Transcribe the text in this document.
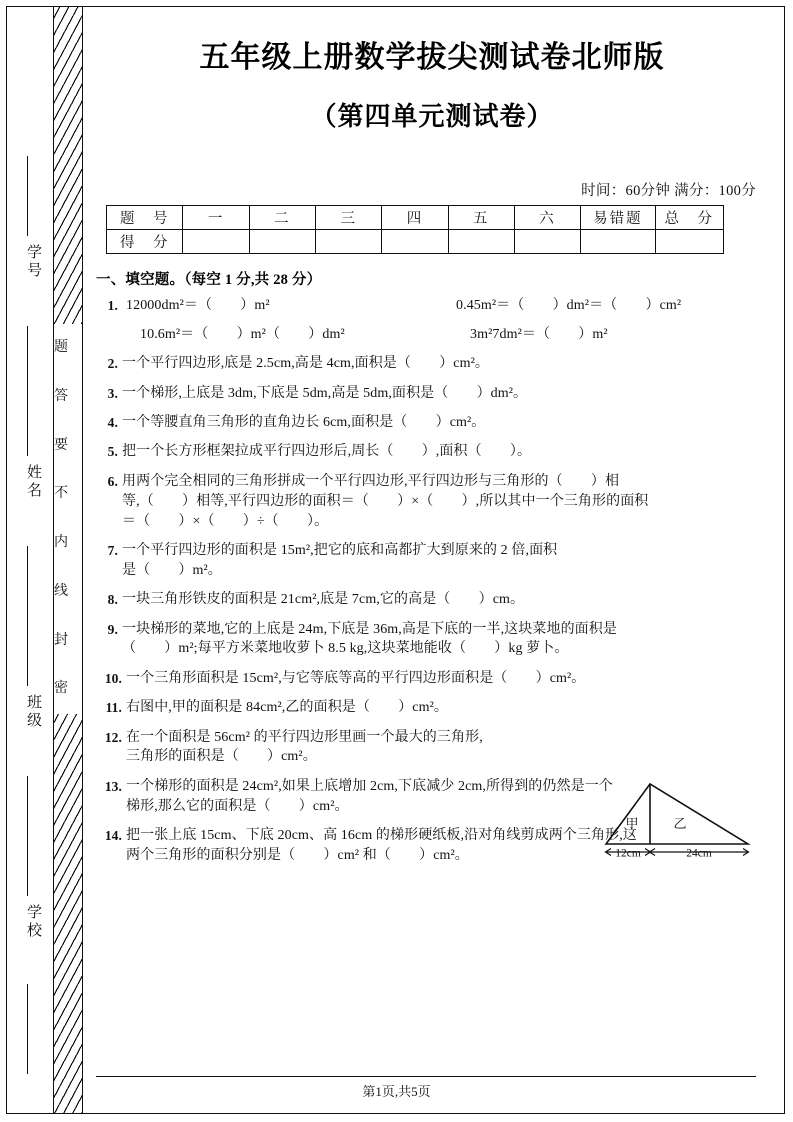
学号
姓名
班级
学校
题
答
要
不
内
线
封
密
五年级上册数学拔尖测试卷北师版
（第四单元测试卷）
时间：60分钟 满分：100分
题　号	一	二	三	四	五	六	易错题	总　分
得　分								
一、填空题。（每空 1 分,共 28 分）
1. 12000dm²＝（　　）m²	0.45m²＝（　　）dm²＝（　　）cm²
10.6m²＝（　　）m²（　　）dm²	3m²7dm²＝（　　）m²
2. 一个平行四边形,底是 2.5cm,高是 4cm,面积是（　　）cm²。
3. 一个梯形,上底是 3dm,下底是 5dm,高是 5dm,面积是（　　）dm²。
4. 一个等腰直角三角形的直角边长 6cm,面积是（　　）cm²。
5. 把一个长方形框架拉成平行四边形后,周长（　　）,面积（　　）。
6. 用两个完全相同的三角形拼成一个平行四边形,平行四边形与三角形的（　　）相
等,（　　）相等,平行四边形的面积＝（　　）×（　　）,所以其中一个三角形的面积
＝（　　）×（　　）÷（　　）。
7. 一个平行四边形的面积是 15m²,把它的底和高都扩大到原来的 2 倍,面积
是（　　）m²。
8. 一块三角形铁皮的面积是 21cm²,底是 7cm,它的高是（　　）cm。
9. 一块梯形的菜地,它的上底是 24m,下底是 36m,高是下底的一半,这块菜地的面积是
（　　）m²;每平方米菜地收萝卜 8.5 kg,这块菜地能收（　　）kg 萝卜。
10. 一个三角形面积是 15cm²,与它等底等高的平行四边形面积是（　　）cm²。
11. 右图中,甲的面积是 84cm²,乙的面积是（　　）cm²。
12. 在一个面积是 56cm² 的平行四边形里画一个最大的三角形,
三角形的面积是（　　）cm²。
13. 一个梯形的面积是 24cm²,如果上底增加 2cm,下底减少 2cm,所得到的仍然是一个
梯形,那么它的面积是（　　）cm²。
14. 把一张上底 15cm、下底 20cm、高 16cm 的梯形硬纸板,沿对角线剪成两个三角形,这
两个三角形的面积分别是（　　）cm² 和（　　）cm²。
甲	乙
12cm	24cm
第1页,共5页
